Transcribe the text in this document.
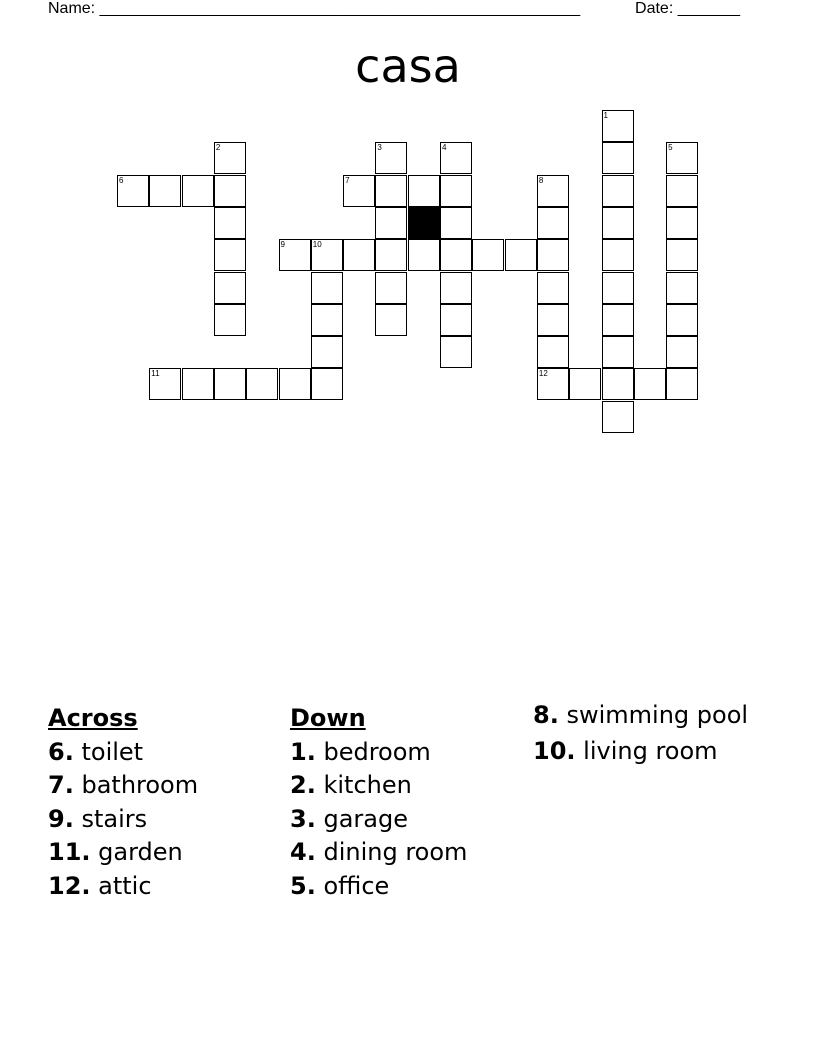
Name: ______________________________________________________	Date: _______
casa
1
2	3	4	5
6	7	8
9	10
11	12
Across
6. toilet
7. bathroom
9. stairs
11. garden
12. attic
Down
1. bedroom
2. kitchen
3. garage
4. dining room
5. office
8. swimming pool
10. living room
